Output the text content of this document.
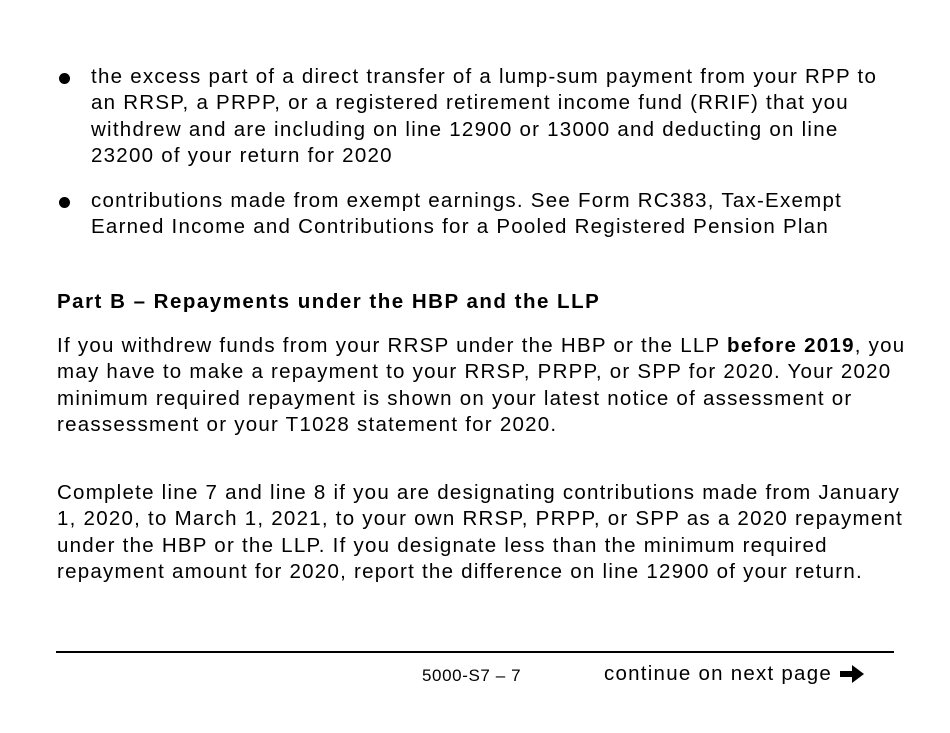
the excess part of a direct transfer of a lump-sum payment from your RPP to an RRSP, a PRPP, or a registered retirement income fund (RRIF) that you withdrew and are including on line 12900 or 13000 and deducting on line 23200 of your return for 2020
contributions made from exempt earnings. See Form RC383, Tax-Exempt Earned Income and Contributions for a Pooled Registered Pension Plan
Part B – Repayments under the HBP and the LLP

If you withdrew funds from your RRSP under the HBP or the LLP before 2019, you may have to make a repayment to your RRSP, PRPP, or SPP for 2020. Your 2020 minimum required repayment is shown on your latest notice of assessment or reassessment or your T1028 statement for 2020.

Complete line 7 and line 8 if you are designating contributions made from January 1, 2020, to March 1, 2021, to your own RRSP, PRPP, or SPP as a 2020 repayment under the HBP or the LLP. If you designate less than the minimum required repayment amount for 2020, report the difference on line 12900 of your return.

5000-S7 – 7	continue on next page
